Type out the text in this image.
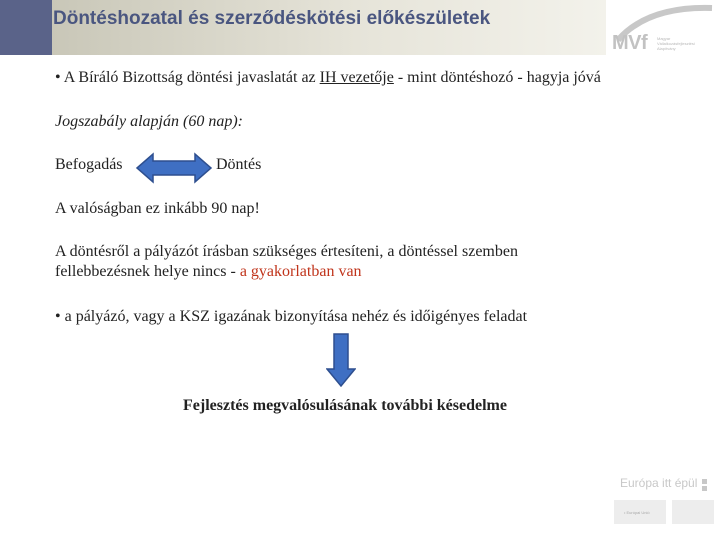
Döntéshozatal és szerződéskötési előkészületek
MVf Magyar
Vállalkozásfejlesztési
Alapítvány

• A Bíráló Bizottság döntési javaslatát az IH vezetője - mint döntéshozó - hagyja jóvá

Jogszabály alapján (60 nap):

Befogadás	Döntés

A valóságban ez inkább 90 nap!

A döntésről a pályázót írásban szükséges értesíteni, a döntéssel szemben

fellebbezésnek helye nincs - a gyakorlatban van

• a pályázó, vagy a KSZ igazának bizonyítása nehéz és időigényes feladat

Fejlesztés megvalósulásának további késedelme

Európa itt épül
• Európai Unió
